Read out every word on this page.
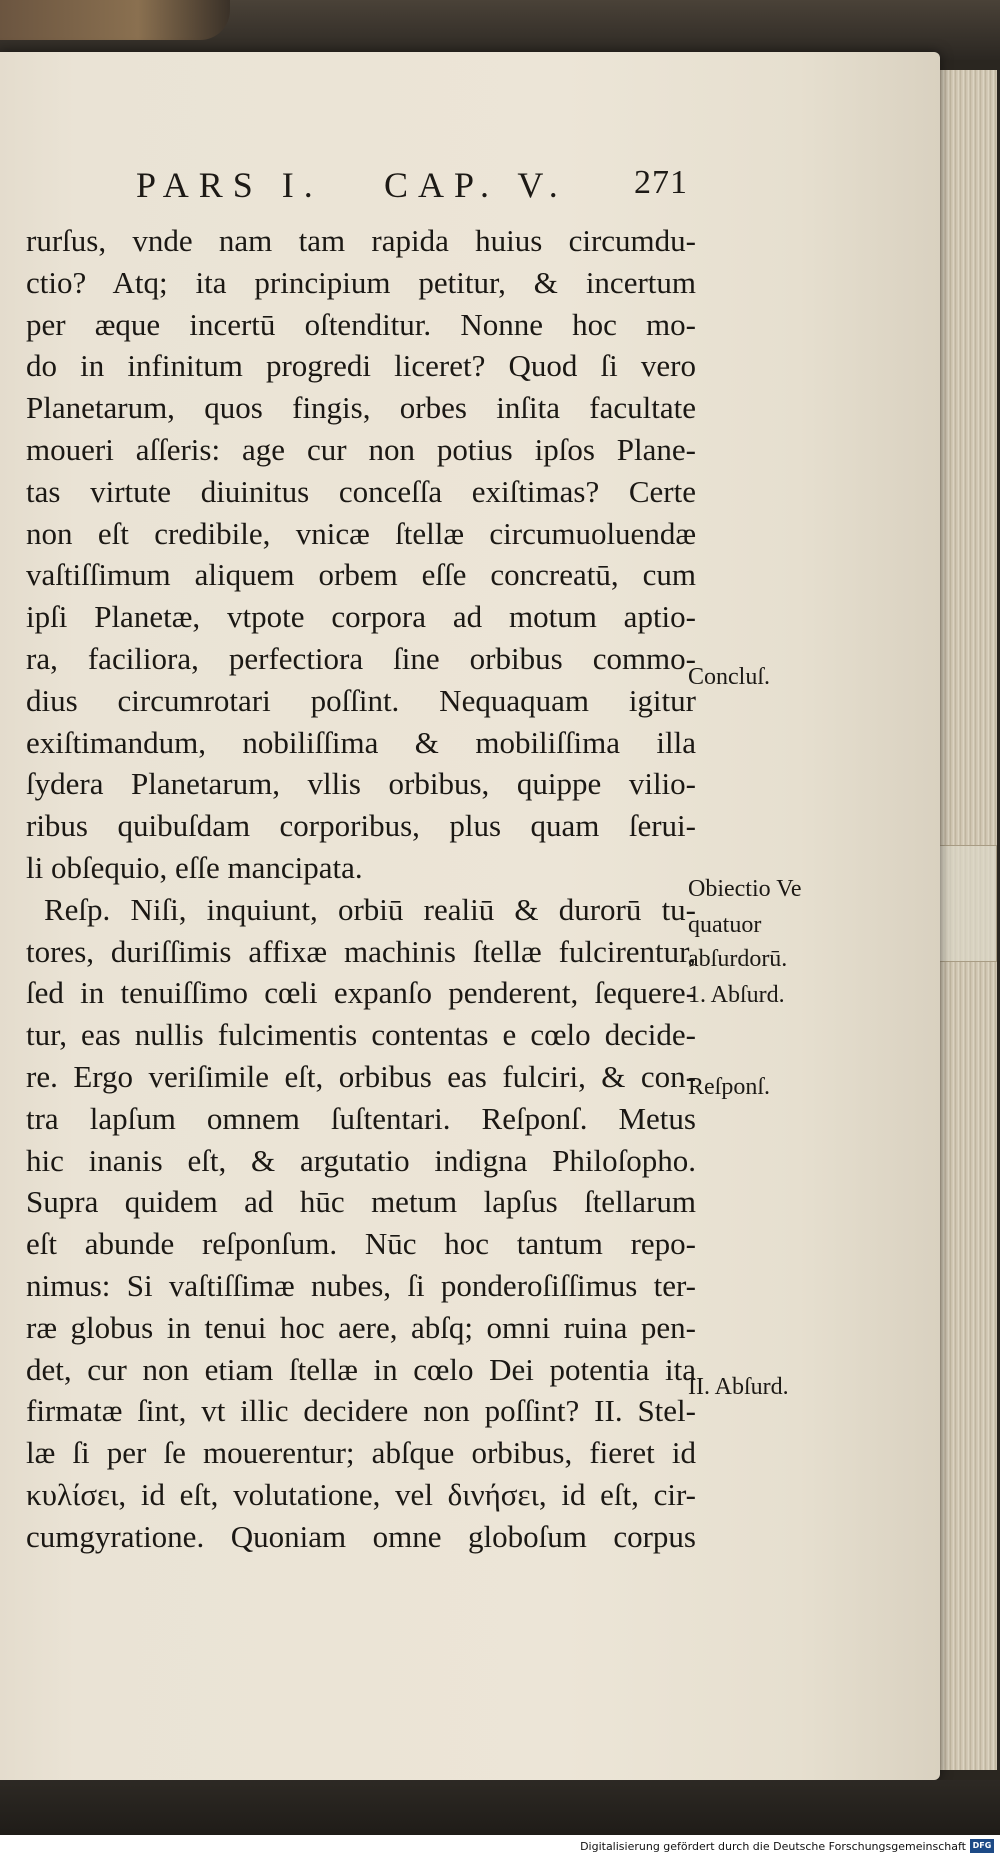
PARS I. CAP. V. 271
rurſus, vnde nam tam rapida huius circumdu-
ctio? Atq; ita principium petitur, & incertum
per æque incertū oſtenditur. Nonne hoc mo-
do in infinitum progredi liceret? Quod ſi vero
Planetarum, quos fingis, orbes inſita facultate
moueri aſſeris: age cur non potius ipſos Plane-
tas virtute diuinitus conceſſa exiſtimas? Certe
non eſt credibile, vnicæ ſtellæ circumuoluendæ
vaſtiſſimum aliquem orbem eſſe concreatū, cum
ipſi Planetæ, vtpote corpora ad motum aptio-
ra, faciliora, perfectiora ſine orbibus commo-
dius circumrotari poſſint. Nequaquam igitur
exiſtimandum, nobiliſſima & mobiliſſima illa
ſydera Planetarum, vllis orbibus, quippe vilio-
ribus quibuſdam corporibus, plus quam ſerui-
li obſequio, eſſe mancipata.
Reſp. Niſi, inquiunt, orbiū realiū & durorū tu-
tores, duriſſimis affixæ machinis ſtellæ fulcirentur,
ſed in tenuiſſimo cœli expanſo penderent, ſequere-
tur, eas nullis fulcimentis contentas e cœlo decide-
re. Ergo veriſimile eſt, orbibus eas fulciri, & con-
tra lapſum omnem ſuſtentari. Reſponſ. Metus
hic inanis eſt, & argutatio indigna Philoſopho.
Supra quidem ad hūc metum lapſus ſtellarum
eſt abunde reſponſum. Nūc hoc tantum repo-
nimus: Si vaſtiſſimæ nubes, ſi ponderoſiſſimus ter-
ræ globus in tenui hoc aere, abſq; omni ruina pen-
det, cur non etiam ſtellæ in cœlo Dei potentia ita
firmatæ ſint, vt illic decidere non poſſint? II. Stel-
læ ſi per ſe mouerentur; abſque orbibus, fieret id
κυλίσει, id eſt, volutatione, vel δινήσει, id eſt, cir-
cumgyratione. Quoniam omne globoſum corpus
Concluſ.
Obiectio Ve
quatuor
abſurdorū.
1. Abſurd.
Reſponſ.
II. Abſurd.
Digitalisierung gefördert durch die Deutsche Forschungsgemeinschaft DFG
